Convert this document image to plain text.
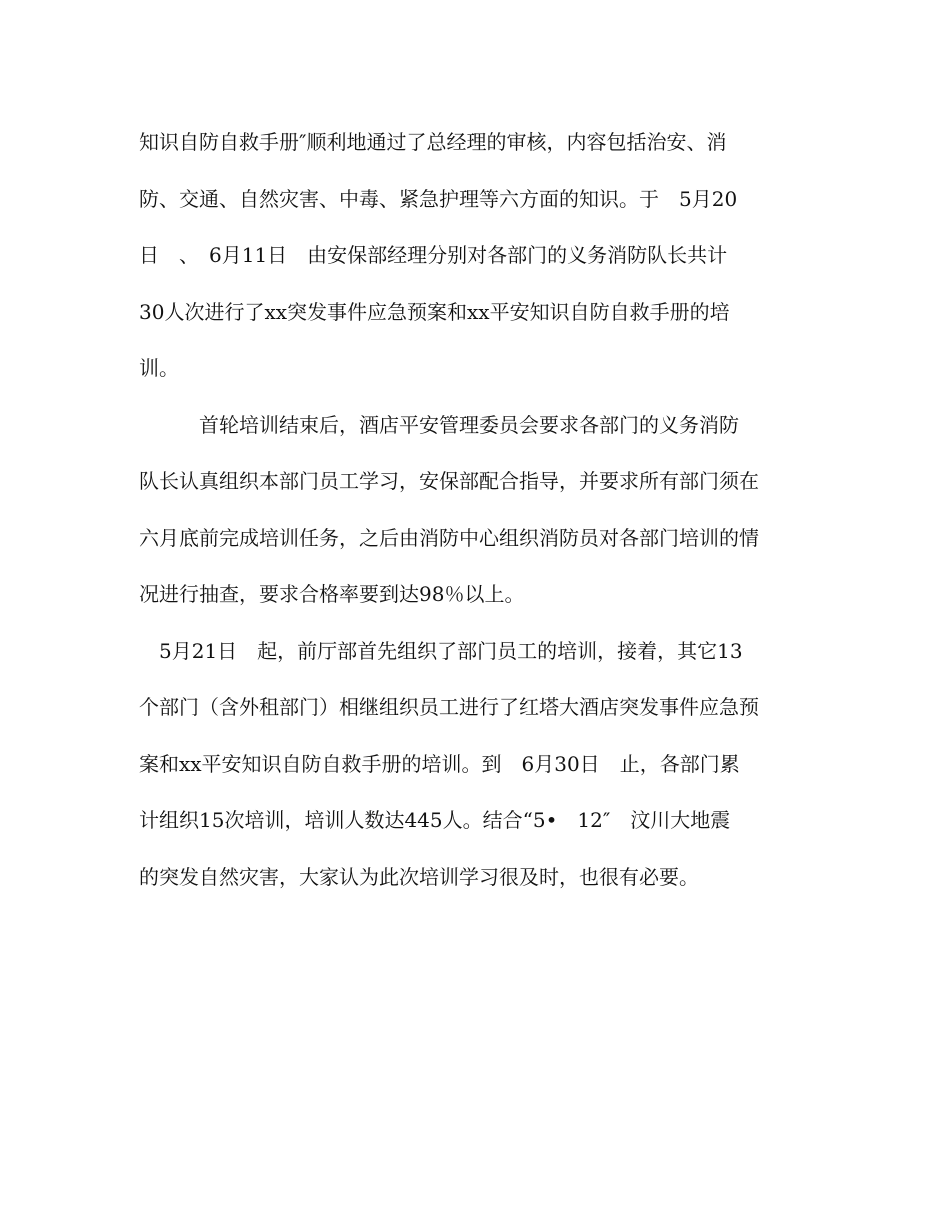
知识自防自救手册″顺利地通过了总经理的审核，内容包括治安、消

防、交通、自然灾害、中毒、紧急护理等六方面的知识。于　5月20

日　、　6月11日　由安保部经理分别对各部门的义务消防队长共计

30人次进行了xx突发事件应急预案和xx平安知识自防自救手册的培

训。

　　　首轮培训结束后，酒店平安管理委员会要求各部门的义务消防

队长认真组织本部门员工学习，安保部配合指导，并要求所有部门须在

六月底前完成培训任务，之后由消防中心组织消防员对各部门培训的情

况进行抽查，要求合格率要到达98％以上。

　5月21日　起，前厅部首先组织了部门员工的培训，接着，其它13

个部门（含外租部门）相继组织员工进行了红塔大酒店突发事件应急预

案和xx平安知识自防自救手册的培训。到　6月30日　止，各部门累

计组织15次培训，培训人数达445人。结合“5•　12″　汶川大地震

的突发自然灾害，大家认为此次培训学习很及时，也很有必要。
